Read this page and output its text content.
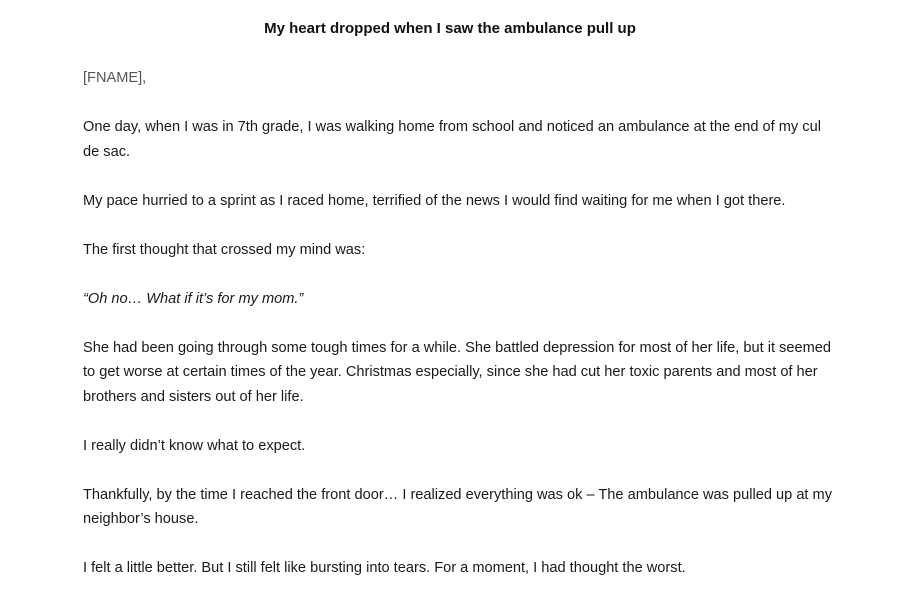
My heart dropped when I saw the ambulance pull up

[FNAME],

One day, when I was in 7th grade, I was walking home from school and noticed an ambulance at the end of my cul de sac.

My pace hurried to a sprint as I raced home, terrified of the news I would find waiting for me when I got there.

The first thought that crossed my mind was:

“Oh no… What if it’s for my mom.”

She had been going through some tough times for a while. She battled depression for most of her life, but it seemed to get worse at certain times of the year. Christmas especially, since she had cut her toxic parents and most of her brothers and sisters out of her life.

I really didn’t know what to expect.

Thankfully, by the time I reached the front door… I realized everything was ok – The ambulance was pulled up at my neighbor’s house.

I felt a little better. But I still felt like bursting into tears. For a moment, I had thought the worst.
